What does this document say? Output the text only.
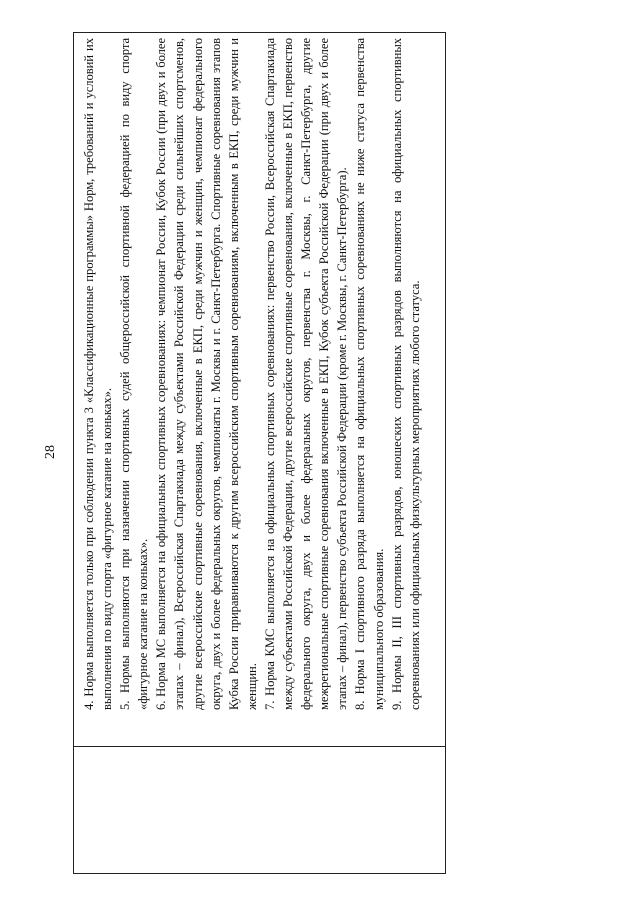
28 4. Норма выполняется только при соблюдении пункта 3 «Классификационные программы» Норм, требований и условий их выполнения по виду спорта «фигурное катание на коньках». 5. Нормы выполняются при назначении спортивных судей общероссийской спортивной федерацией по виду спорта «фигурное катание на коньках». 6. Норма МС выполняется на официальных спортивных соревнованиях: чемпионат России, Кубок России (при двух и более этапах – финал), Всероссийская Спартакиада между субъектами Российской Федерации среди сильнейших спортсменов, другие всероссийские спортивные соревнования, включенные в ЕКП, среди мужчин и женщин, чемпионат федерального округа, двух и более федеральных округов, чемпионаты г. Москвы и г. Санкт-Петербурга. Спортивные соревнования этапов Кубка России приравниваются к другим всероссийским спортивным соревнованиям, включенным в ЕКП, среди мужчин и женщин. 7. Норма КМС выполняется на официальных спортивных соревнованиях: первенство России, Всероссийская Спартакиада между субъектами Российской Федерации, другие всероссийские спортивные соревнования, включенные в ЕКП, первенство федерального округа, двух и более федеральных округов, первенства г. Москвы, г. Санкт-Петербурга, другие межрегиональные спортивные соревнования включенные в ЕКП, Кубок субъекта Российской Федерации (при двух и более этапах – финал), первенство субъекта Российской Федерации (кроме г. Москвы, г. Санкт-Петербурга). 8. Норма I спортивного разряда выполняется на официальных спортивных соревнованиях не ниже статуса первенства муниципального образования. 9. Нормы II, III спортивных разрядов, юношеских спортивных разрядов выполняются на официальных спортивных соревнованиях или официальных физкультурных мероприятиях любого статуса.
